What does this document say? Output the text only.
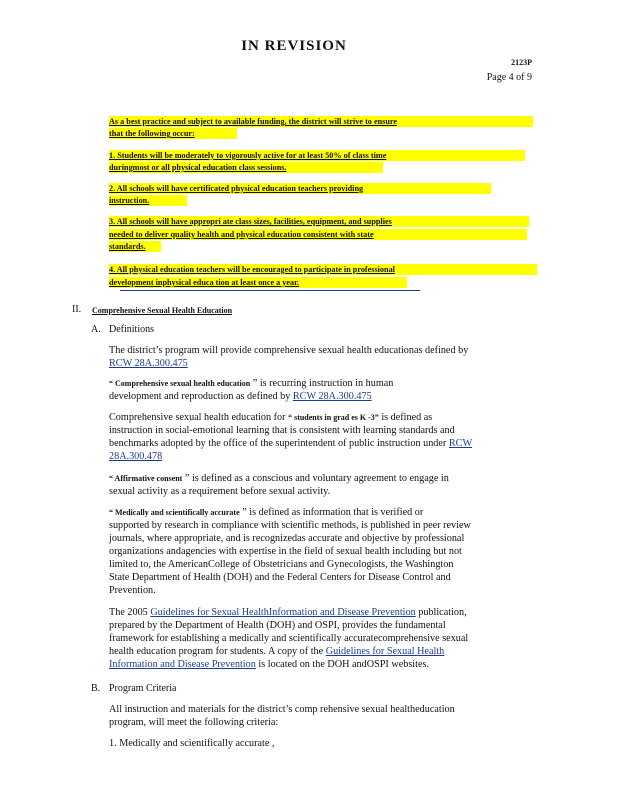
IN REVISION
2123P
Page 4 of 9
As a best practice and subject to available funding, the district will strive to ensure
that the following occur:
1. Students will be moderately to vigorously active for at least 50% of class time
duringmost or all physical education class sessions.
2. All schools will have certificated physical education teachers providing
instruction.
3. All schools will have appropri ate class sizes, facilities, equipment, and supplies
needed to deliver quality health and physical education consistent with state
standards.
4. All physical education teachers will be encouraged to participate in professional
development inphysical educa tion at least once a year.
II. Comprehensive Sexual Health Education
A. Definitions
The district’s program will provide comprehensive sexual health educationas defined by
RCW 28A.300.475
“ Comprehensive sexual health education ” is recurring instruction in human
development and reproduction as defined by RCW 28A.300.475
Comprehensive sexual health education for “ students in grad es K -3” is defined as
instruction in social-emotional learning that is consistent with learning standards and
benchmarks adopted by the office of the superintendent of public instruction under RCW
28A.300.478
“ Affirmative consent ” is defined as a conscious and voluntary agreement to engage in
sexual activity as a requirement before sexual activity.
“ Medically and scientifically accurate ” is defined as information that is verified or
supported by research in compliance with scientific methods, is published in peer review
journals, where appropriate, and is recognizedas accurate and objective by professional
organizations andagencies with expertise in the field of sexual health including but not
limited to, the AmericanCollege of Obstetricians and Gynecologists, the Washington
State Department of Health (DOH) and the Federal Centers for Disease Control and
Prevention.
The 2005 Guidelines for Sexual HealthInformation and Disease Prevention publication,
prepared by the Department of Health (DOH) and OSPI, provides the fundamental
framework for establishing a medically and scientifically accuratecomprehensive sexual
health education program for students. A copy of the Guidelines for Sexual Health
Information and Disease Prevention is located on the DOH andOSPI websites.
B. Program Criteria
All instruction and materials for the district’s comp rehensive sexual healtheducation
program, will meet the following criteria:
1. Medically and scientifically accurate ,
